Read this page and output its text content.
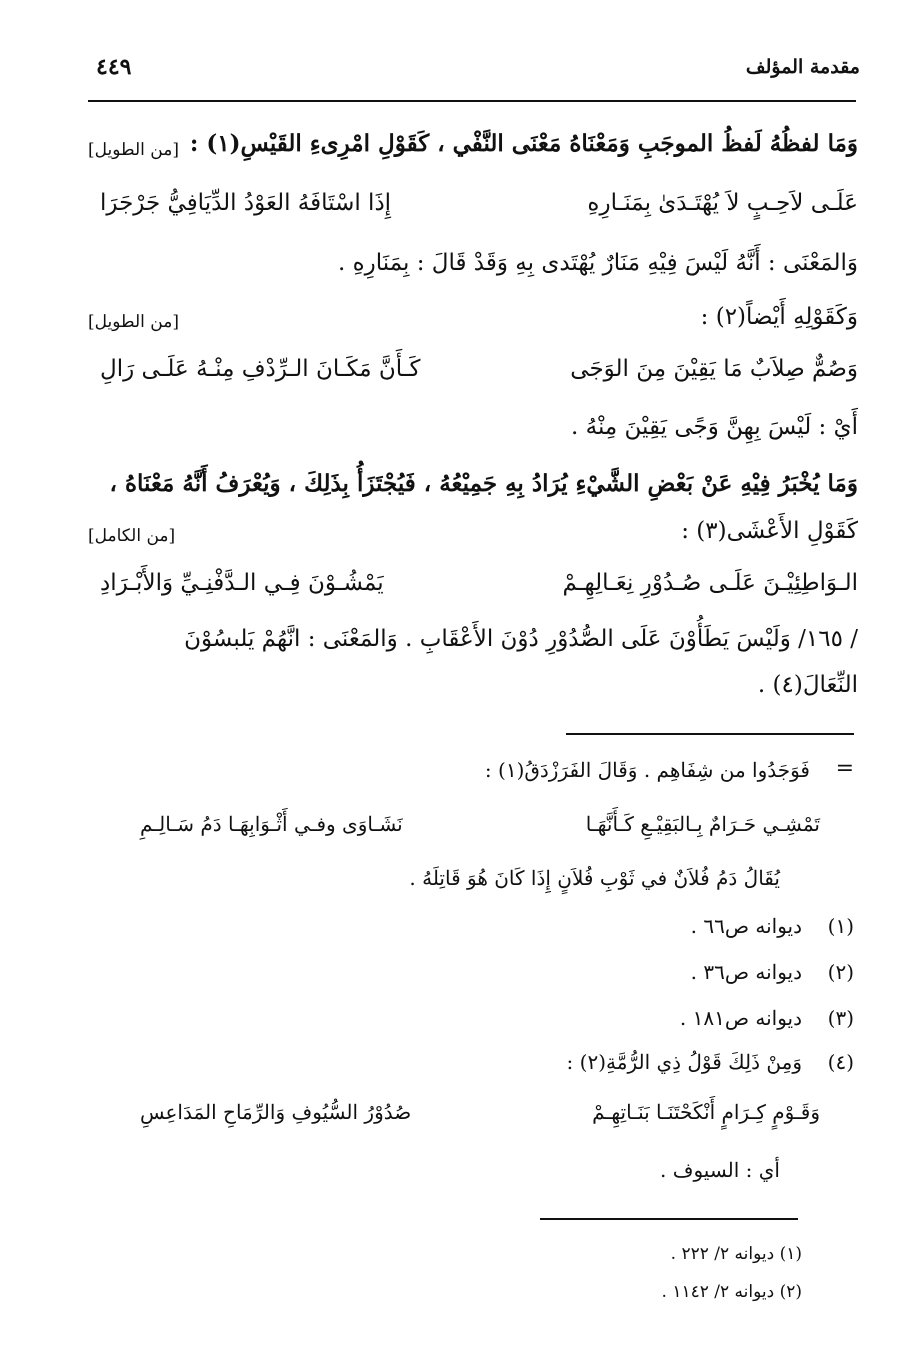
مقدمة المؤلف
٤٤٩
وَمَا لفظُهُ لَفظُ الموجَبِ وَمَعْنَاهُ مَعْنَى النَّفْي ، كَقَوْلِ امْرِىءِ القَيْسِ(١) :
[من الطويل]
عَلَـى لاَحِـبٍ لاَ يُهْتَـدَىٰ بِمَنَـارِهِ
إِذَا اسْتَافَهُ العَوْدُ الدِّيَافِيُّ جَرْجَرَا
وَالمَعْنَى : أَنَّهُ لَيْسَ فِيْهِ مَنَارٌ يُهْتَدى بِهِ وَقَدْ قَالَ : بِمَنَارِهِ .
وَكَقَوْلِهِ أَيْضاً(٢) :
[من الطويل]
وَصُمٌّ صِلاَبٌ مَا يَقِيْنَ مِنَ الوَجَى
كَـأَنَّ مَكَـانَ الـرِّدْفِ مِنْـهُ عَلَـى رَالِ
أَيْ : لَيْسَ بِهِنَّ وَجًى يَقِيْنَ مِنْهُ .
وَمَا يُخْبَرُ فِيْهِ عَنْ بَعْضِ الشَّيْءِ يُرَادُ بِهِ جَمِيْعُهُ ، فَيُجْتَزَأُ بِذَلِكَ ، وَيُعْرَفُ أَنَّهُ مَعْنَاهُ ،
كَقَوْلِ الأَعْشَى(٣) :
[من الكامل]
الـوَاطِئِيْـنَ عَلَـى صُـدُوْرِ نِعَـالِهِـمْ
يَمْشُـوْنَ فِـي الـدَّفْنِـيِّ وَالأَبْـرَادِ
/ ١٦٥/ وَلَيْسَ يَطَأُوْنَ عَلَى الصُّدُوْرِ دُوْنَ الأَعْقَابِ . وَالمَعْنَى : انَّهُمْ يَلبسُوْنَ
النِّعَالَ(٤) .
=
فَوَجَدُوا من شِفَاهِم . وَقَالَ الفَرَزْدَقُ(١) :
تَمْشِـي حَـرَامٌ بِـالبَقِيْـعِ كَـأَنَّهَـا
نَشَـاوَى وفـي أَثْـوَابِهَـا دَمُ سَـالِـمِ
يُقَالُ دَمُ فُلاَنٌ في ثَوْبِ فُلاَنٍ إِذَا كَانَ هُوَ قَاتِلَهُ .
(١)
ديوانه ص٦٦ .
(٢)
ديوانه ص٣٦ .
(٣)
ديوانه ص١٨١ .
(٤)
وَمِنْ ذَلِكَ قَوْلُ ذِي الرُّمَّةِ(٢) :
وَقَـوْمٍ كِـرَامٍ أَنْكَحْتَنَـا بَنَـاتِهِـمْ
صُدُوْرُ السُّيُوفِ وَالرِّمَاحِ المَدَاعِسِ
أي : السيوف .
(١) ديوانه ٢/ ٢٢٢ .
(٢) ديوانه ٢/ ١١٤٢ .
